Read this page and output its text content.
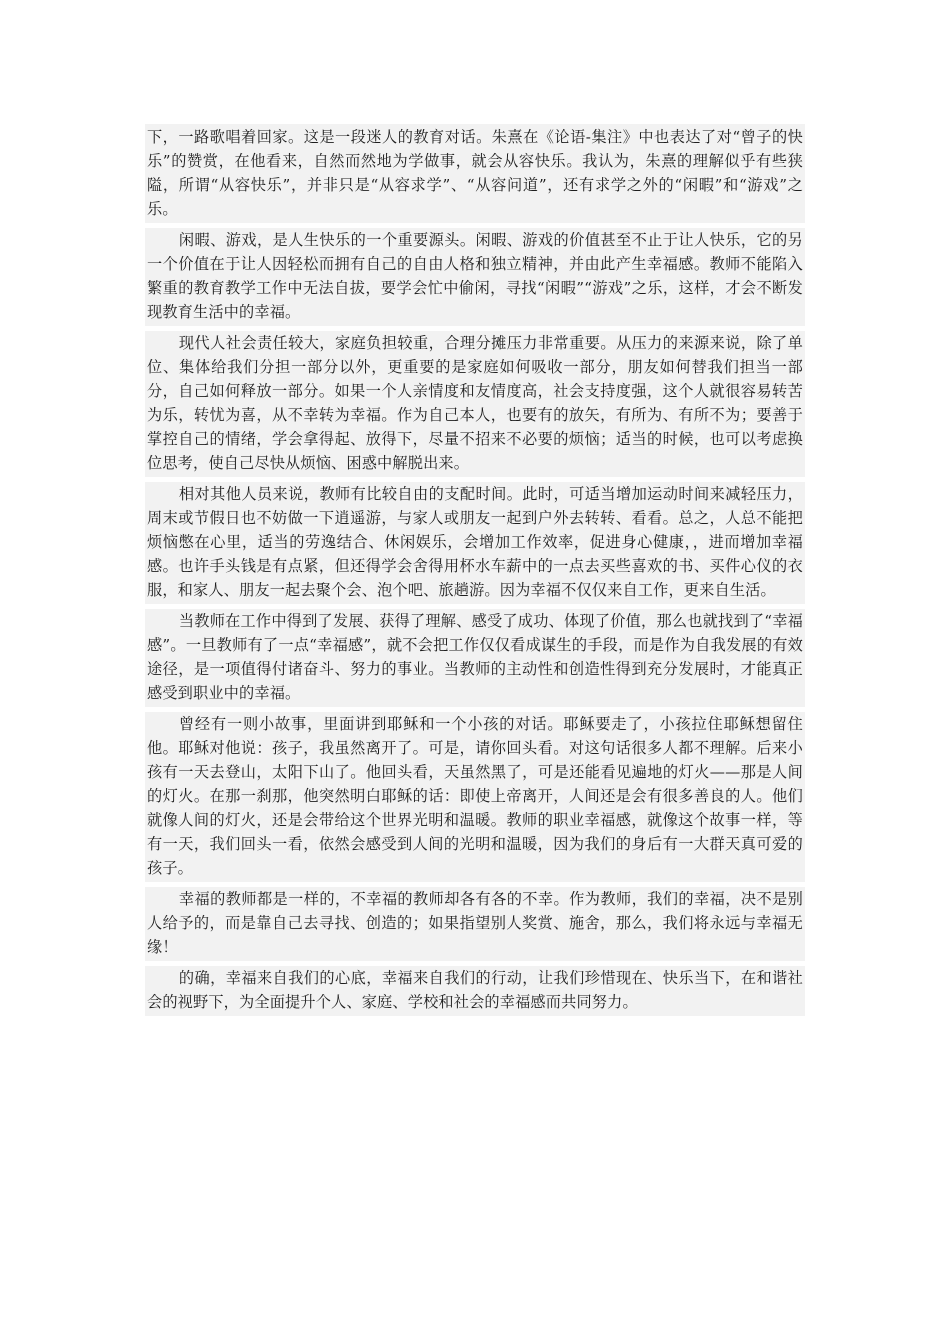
下，一路歌唱着回家。这是一段迷人的教育对话。朱熹在《论语-集注》中也表达了对“曾子的快乐”的赞赏，在他看来，自然而然地为学做事，就会从容快乐。我认为，朱熹的理解似乎有些狭隘，所谓“从容快乐”，并非只是“从容求学”、“从容问道”，还有求学之外的“闲暇”和“游戏”之乐。

闲暇、游戏，是人生快乐的一个重要源头。闲暇、游戏的价值甚至不止于让人快乐，它的另一个价值在于让人因轻松而拥有自己的自由人格和独立精神，并由此产生幸福感。教师不能陷入繁重的教育教学工作中无法自拔，要学会忙中偷闲，寻找“闲暇”“游戏”之乐，这样，才会不断发现教育生活中的幸福。

现代人社会责任较大，家庭负担较重，合理分摊压力非常重要。从压力的来源来说，除了单位、集体给我们分担一部分以外，更重要的是家庭如何吸收一部分，朋友如何替我们担当一部分，自己如何释放一部分。如果一个人亲情度和友情度高，社会支持度强，这个人就很容易转苦为乐，转忧为喜，从不幸转为幸福。作为自己本人，也要有的放矢，有所为、有所不为；要善于掌控自己的情绪，学会拿得起、放得下，尽量不招来不必要的烦恼；适当的时候，也可以考虑换位思考，使自己尽快从烦恼、困惑中解脱出来。

相对其他人员来说，教师有比较自由的支配时间。此时，可适当增加运动时间来减轻压力，周末或节假日也不妨做一下逍遥游，与家人或朋友一起到户外去转转、看看。总之，人总不能把烦恼憋在心里，适当的劳逸结合、休闲娱乐，会增加工作效率，促进身心健康，，进而增加幸福感。也许手头钱是有点紧，但还得学会舍得用杯水车薪中的一点去买些喜欢的书、买件心仪的衣服，和家人、朋友一起去聚个会、泡个吧、旅趟游。因为幸福不仅仅来自工作，更来自生活。

当教师在工作中得到了发展、获得了理解、感受了成功、体现了价值，那么也就找到了“幸福感”。一旦教师有了一点“幸福感”，就不会把工作仅仅看成谋生的手段，而是作为自我发展的有效途径，是一项值得付诸奋斗、努力的事业。当教师的主动性和创造性得到充分发展时，才能真正感受到职业中的幸福。

曾经有一则小故事，里面讲到耶稣和一个小孩的对话。耶稣要走了，小孩拉住耶稣想留住他。耶稣对他说：孩子，我虽然离开了。可是，请你回头看。对这句话很多人都不理解。后来小孩有一天去登山，太阳下山了。他回头看，天虽然黑了，可是还能看见遍地的灯火——那是人间的灯火。在那一刹那，他突然明白耶稣的话：即使上帝离开，人间还是会有很多善良的人。他们就像人间的灯火，还是会带给这个世界光明和温暖。教师的职业幸福感，就像这个故事一样，等有一天，我们回头一看，依然会感受到人间的光明和温暖，因为我们的身后有一大群天真可爱的孩子。

幸福的教师都是一样的，不幸福的教师却各有各的不幸。作为教师，我们的幸福，决不是别人给予的，而是靠自己去寻找、创造的；如果指望别人奖赏、施舍，那么，我们将永远与幸福无缘！

的确，幸福来自我们的心底，幸福来自我们的行动，让我们珍惜现在、快乐当下，在和谐社会的视野下，为全面提升个人、家庭、学校和社会的幸福感而共同努力。
